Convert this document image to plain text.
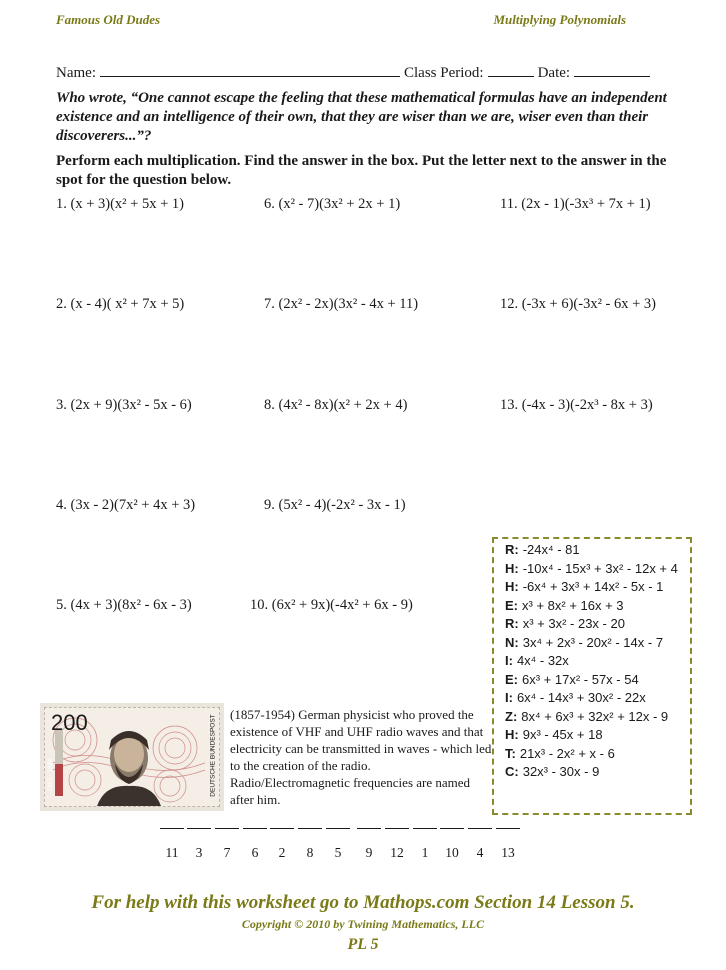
Famous Old Dudes	Multiplying Polynomials
Name:	Class Period:	Date:
Who wrote, “One cannot escape the feeling that these mathematical formulas have an independent existence and an intelligence of their own, that they are wiser than we are, wiser even than their discoverers...”?
Perform each multiplication. Find the answer in the box. Put the letter next to the answer in the spot for the question below.
1. (x + 3)(x² + 5x + 1)
2. (x - 4)( x² + 7x + 5)
3. (2x + 9)(3x² - 5x - 6)
4. (3x - 2)(7x² + 4x + 3)
5. (4x + 3)(8x² - 6x - 3)
6. (x² - 7)(3x² + 2x + 1)
7. (2x² - 2x)(3x² - 4x + 11)
8. (4x² - 8x)(x² + 2x + 4)
9. (5x² - 4)(-2x² - 3x - 1)
10. (6x² + 9x)(-4x² + 6x - 9)
11. (2x - 1)(-3x³ + 7x + 1)
12. (-3x + 6)(-3x² - 6x + 3)
13. (-4x - 3)(-2x³ - 8x + 3)
R: -24x⁴ - 81
H: -10x⁴ - 15x³ + 3x² - 12x + 4
H: -6x⁴ + 3x³ + 14x² - 5x - 1
E: x³ + 8x² + 16x + 3
R: x³ + 3x² - 23x - 20
N: 3x⁴ + 2x³ - 20x² - 14x - 7
I: 4x⁴ - 32x
E: 6x³ + 17x² - 57x - 54
I: 6x⁴ - 14x³ + 30x² - 22x
Z: 8x⁴ + 6x³ + 32x² + 12x - 9
H: 9x³ - 45x + 18
T: 21x³ - 2x² + x - 6
C: 32x³ - 30x - 9
200
1857 - 1894	DEUTSCHE BUNDESPOST (1857-1954) German physicist who proved the
existence of VHF and UHF radio waves and that
electricity can be transmitted in waves - which led
to the creation of the radio.
Radio/Electromagnetic frequencies are named
after him.
11	3	7	6	2	8	5	9	12	1	10	4	13
For help with this worksheet go to Mathops.com Section 14 Lesson 5.
Copyright © 2010 by Twining Mathematics, LLC
PL 5
